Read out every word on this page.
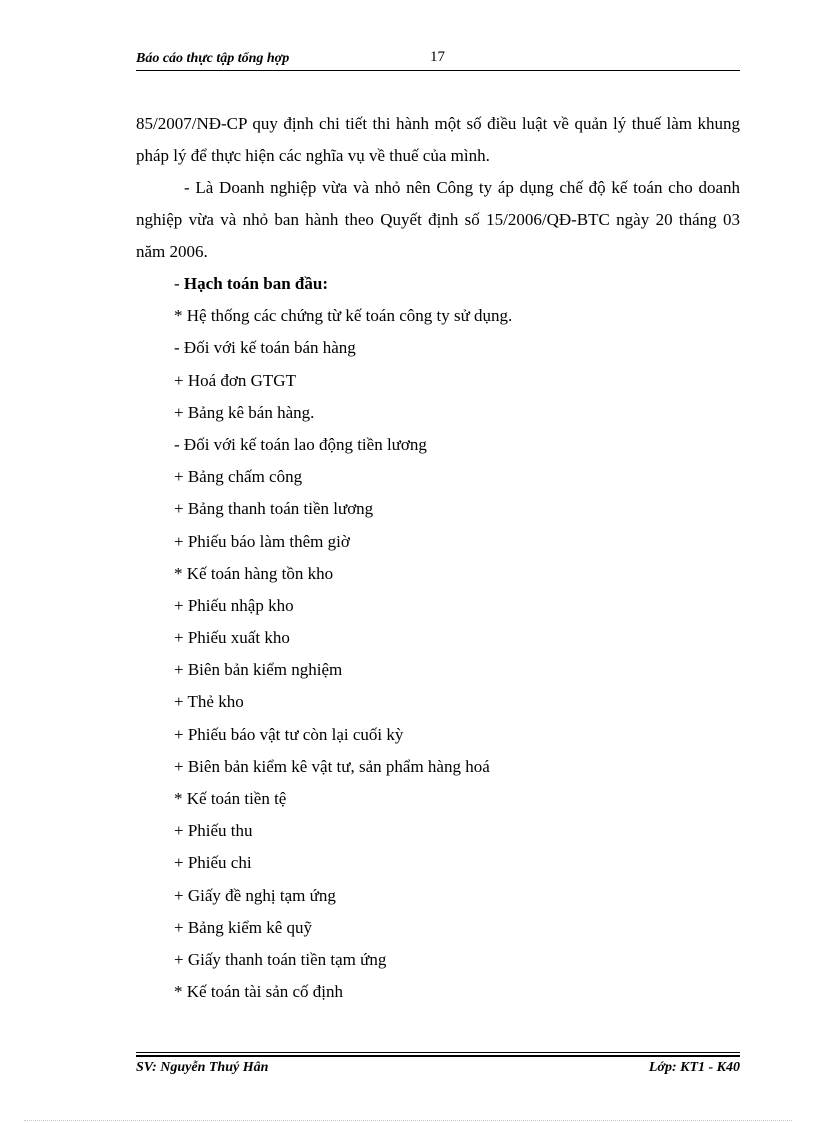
Báo cáo thực tập tổng hợp	17

85/2007/NĐ-CP quy định chi tiết thi hành một số điều luật về quản lý thuế làm khung pháp lý để thực hiện các nghĩa vụ về thuế của mình.

- Là Doanh nghiệp vừa và nhỏ nên Công ty áp dụng chế độ kế toán cho doanh nghiệp vừa và nhỏ ban hành theo Quyết định số 15/2006/QĐ-BTC ngày 20 tháng 03 năm 2006.

- Hạch toán ban đầu:
* Hệ thống các chứng từ kế toán công ty sử dụng.
- Đối với kế toán bán hàng
+ Hoá đơn GTGT
+ Bảng kê bán hàng.
- Đối với kế toán lao động tiền lương
+ Bảng chấm công
+ Bảng thanh toán tiền lương
+ Phiếu báo làm thêm giờ
* Kế toán hàng tồn kho
+ Phiếu nhập kho
+ Phiếu xuất kho
+ Biên bản kiểm nghiệm
+ Thẻ kho
+ Phiếu báo vật tư còn lại cuối kỳ
+ Biên bản kiểm kê vật tư, sản phẩm hàng hoá
* Kế toán tiền tệ
+ Phiếu thu
+ Phiếu chi
+ Giấy đề nghị tạm ứng
+ Bảng kiểm kê quỹ
+ Giấy thanh toán tiền tạm ứng
* Kế toán tài sản cố định
SV: Nguyễn Thuý Hân	Lớp: KT1 - K40
